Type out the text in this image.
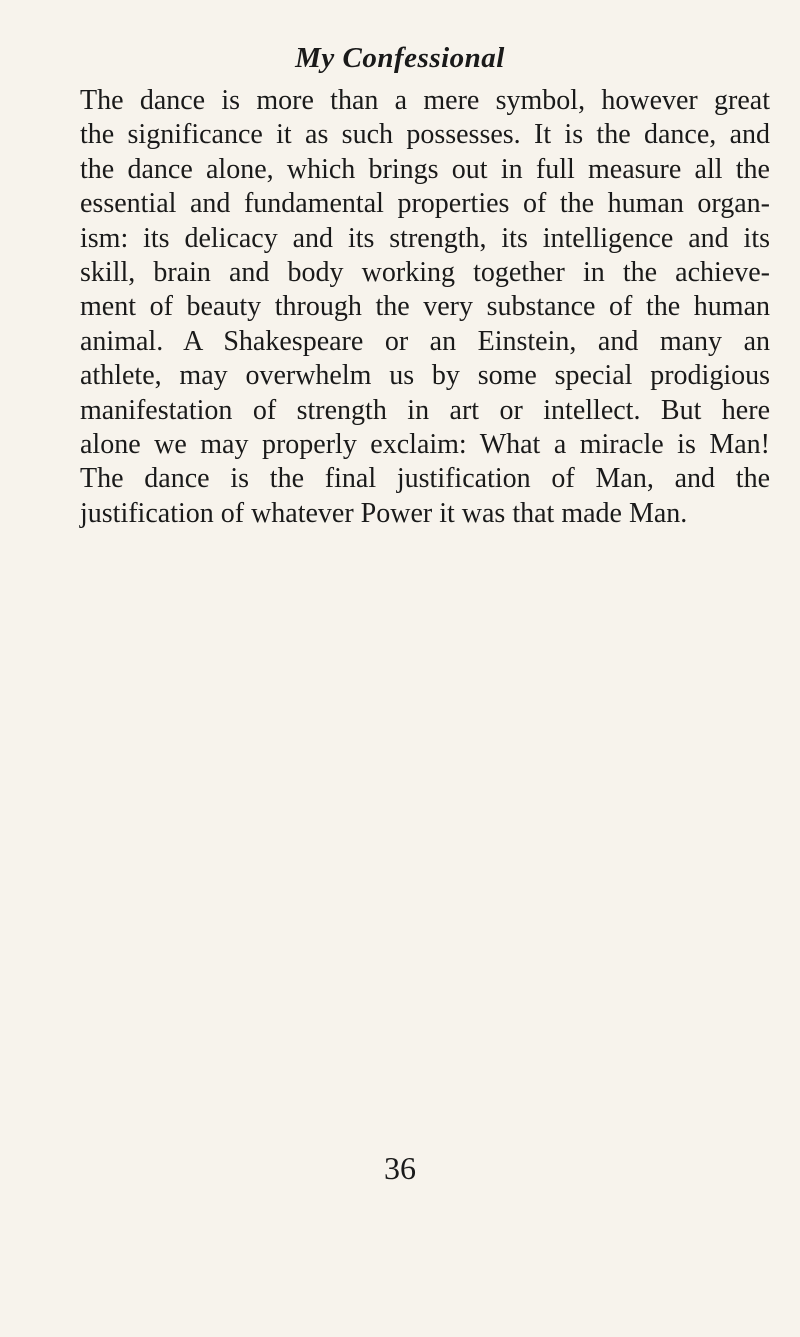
My Confessional
The dance is more than a mere symbol, however great
the significance it as such possesses. It is the dance, and
the dance alone, which brings out in full measure all the
essential and fundamental properties of the human organ-
ism: its delicacy and its strength, its intelligence and its
skill, brain and body working together in the achieve-
ment of beauty through the very substance of the human
animal. A Shakespeare or an Einstein, and many an
athlete, may overwhelm us by some special prodigious
manifestation of strength in art or intellect. But here
alone we may properly exclaim: What a miracle is Man!
The dance is the final justification of Man, and the
justification of whatever Power it was that made Man.

36
